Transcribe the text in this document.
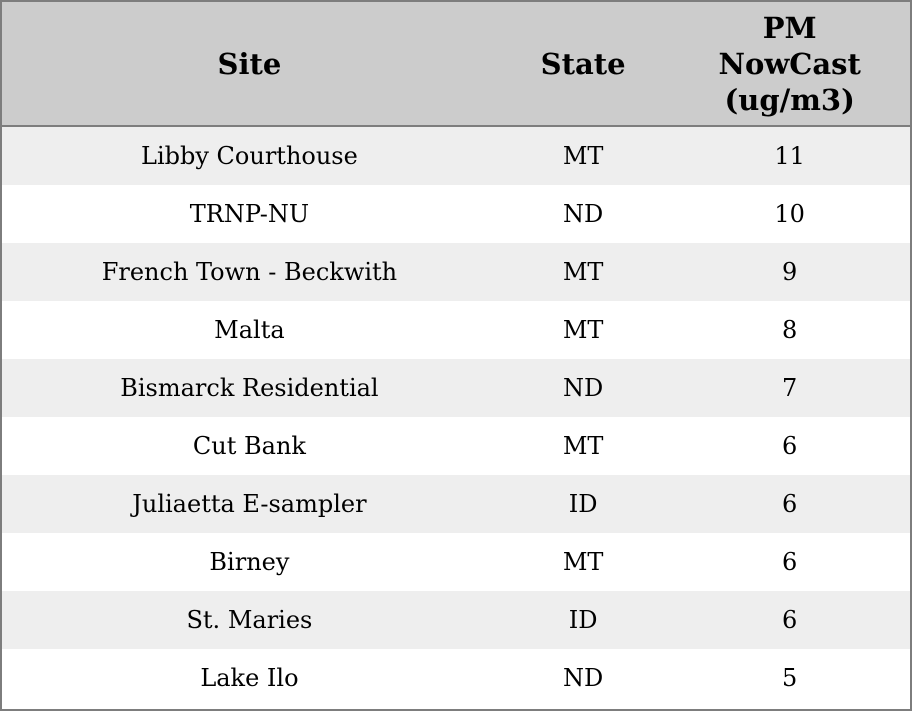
Site	State	PM NowCast (ug/m3)
Libby Courthouse	MT	11
TRNP-NU	ND	10
French Town - Beckwith	MT	9
Malta	MT	8
Bismarck Residential	ND	7
Cut Bank	MT	6
Juliaetta E-sampler	ID	6
Birney	MT	6
St. Maries	ID	6
Lake Ilo	ND	5
